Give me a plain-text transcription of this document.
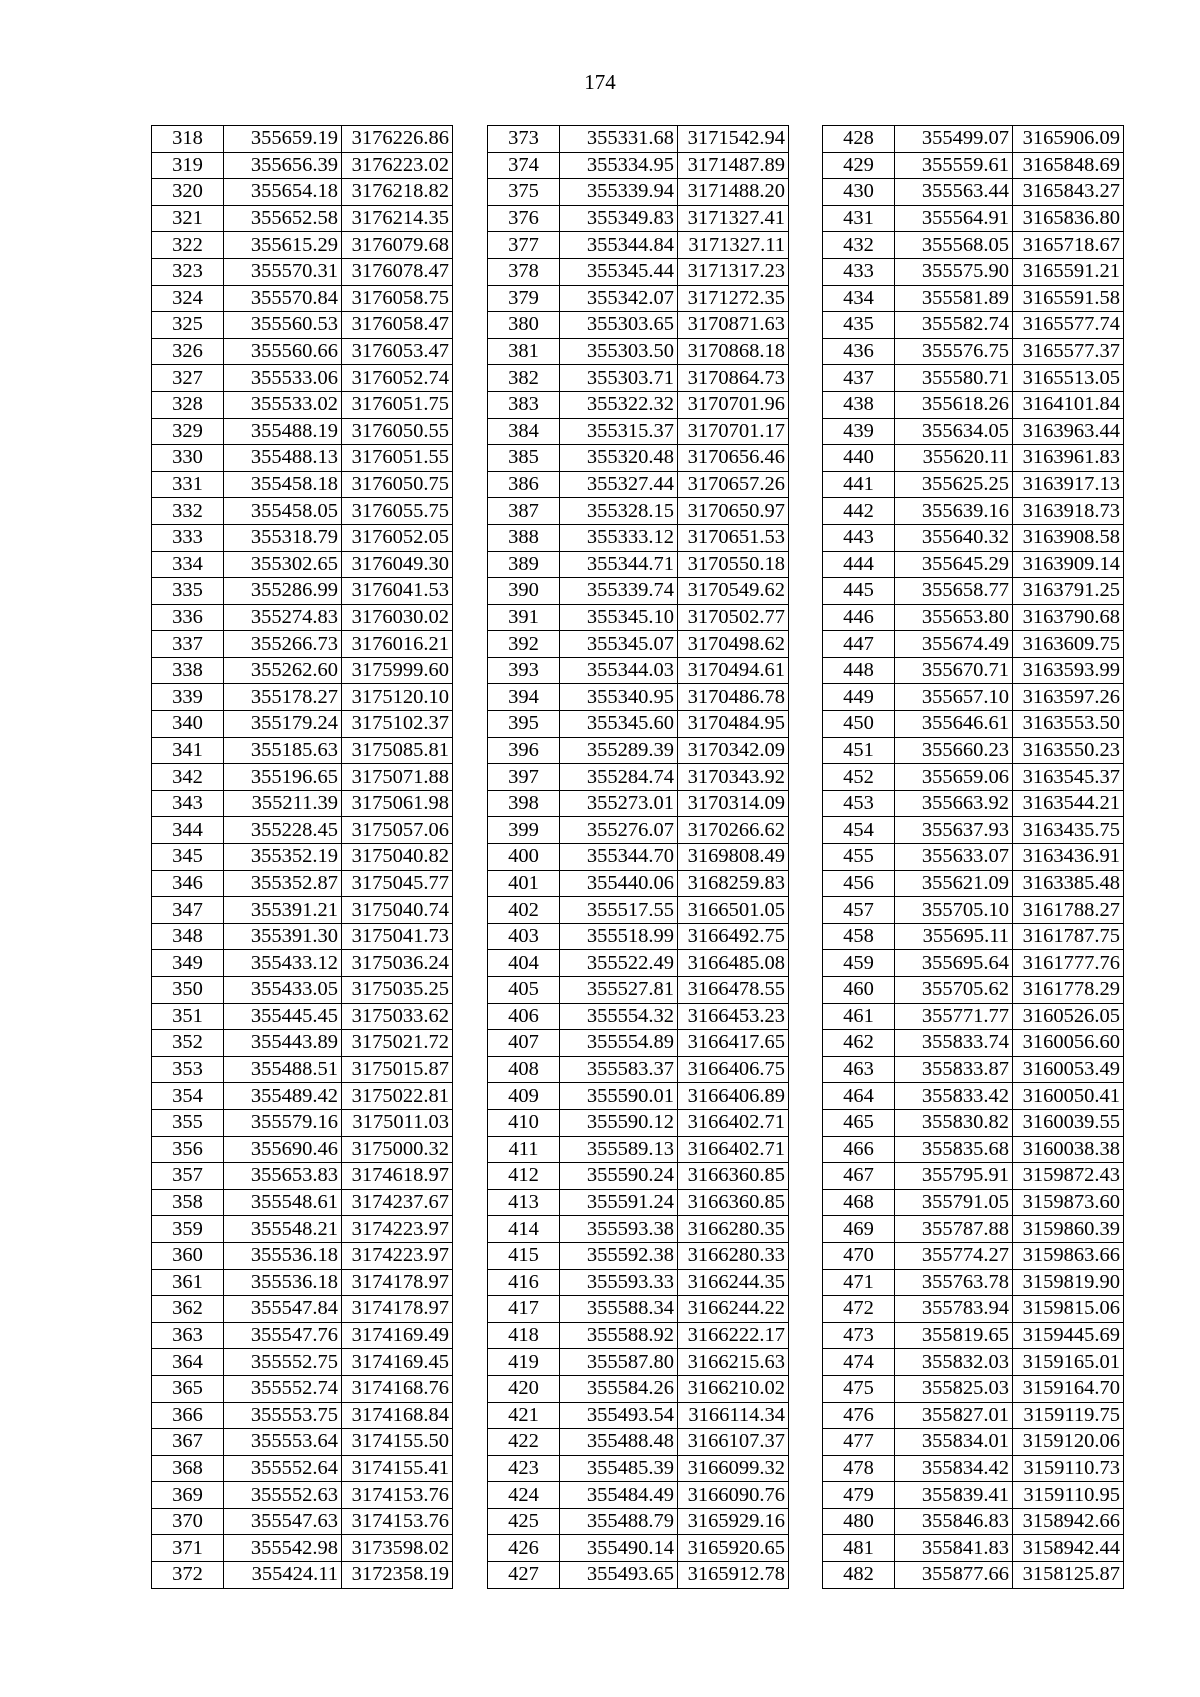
174
318	355659.19	3176226.86
319	355656.39	3176223.02
320	355654.18	3176218.82
321	355652.58	3176214.35
322	355615.29	3176079.68
323	355570.31	3176078.47
324	355570.84	3176058.75
325	355560.53	3176058.47
326	355560.66	3176053.47
327	355533.06	3176052.74
328	355533.02	3176051.75
329	355488.19	3176050.55
330	355488.13	3176051.55
331	355458.18	3176050.75
332	355458.05	3176055.75
333	355318.79	3176052.05
334	355302.65	3176049.30
335	355286.99	3176041.53
336	355274.83	3176030.02
337	355266.73	3176016.21
338	355262.60	3175999.60
339	355178.27	3175120.10
340	355179.24	3175102.37
341	355185.63	3175085.81
342	355196.65	3175071.88
343	355211.39	3175061.98
344	355228.45	3175057.06
345	355352.19	3175040.82
346	355352.87	3175045.77
347	355391.21	3175040.74
348	355391.30	3175041.73
349	355433.12	3175036.24
350	355433.05	3175035.25
351	355445.45	3175033.62
352	355443.89	3175021.72
353	355488.51	3175015.87
354	355489.42	3175022.81
355	355579.16	3175011.03
356	355690.46	3175000.32
357	355653.83	3174618.97
358	355548.61	3174237.67
359	355548.21	3174223.97
360	355536.18	3174223.97
361	355536.18	3174178.97
362	355547.84	3174178.97
363	355547.76	3174169.49
364	355552.75	3174169.45
365	355552.74	3174168.76
366	355553.75	3174168.84
367	355553.64	3174155.50
368	355552.64	3174155.41
369	355552.63	3174153.76
370	355547.63	3174153.76
371	355542.98	3173598.02
372	355424.11	3172358.19
373	355331.68	3171542.94
374	355334.95	3171487.89
375	355339.94	3171488.20
376	355349.83	3171327.41
377	355344.84	3171327.11
378	355345.44	3171317.23
379	355342.07	3171272.35
380	355303.65	3170871.63
381	355303.50	3170868.18
382	355303.71	3170864.73
383	355322.32	3170701.96
384	355315.37	3170701.17
385	355320.48	3170656.46
386	355327.44	3170657.26
387	355328.15	3170650.97
388	355333.12	3170651.53
389	355344.71	3170550.18
390	355339.74	3170549.62
391	355345.10	3170502.77
392	355345.07	3170498.62
393	355344.03	3170494.61
394	355340.95	3170486.78
395	355345.60	3170484.95
396	355289.39	3170342.09
397	355284.74	3170343.92
398	355273.01	3170314.09
399	355276.07	3170266.62
400	355344.70	3169808.49
401	355440.06	3168259.83
402	355517.55	3166501.05
403	355518.99	3166492.75
404	355522.49	3166485.08
405	355527.81	3166478.55
406	355554.32	3166453.23
407	355554.89	3166417.65
408	355583.37	3166406.75
409	355590.01	3166406.89
410	355590.12	3166402.71
411	355589.13	3166402.71
412	355590.24	3166360.85
413	355591.24	3166360.85
414	355593.38	3166280.35
415	355592.38	3166280.33
416	355593.33	3166244.35
417	355588.34	3166244.22
418	355588.92	3166222.17
419	355587.80	3166215.63
420	355584.26	3166210.02
421	355493.54	3166114.34
422	355488.48	3166107.37
423	355485.39	3166099.32
424	355484.49	3166090.76
425	355488.79	3165929.16
426	355490.14	3165920.65
427	355493.65	3165912.78
428	355499.07	3165906.09
429	355559.61	3165848.69
430	355563.44	3165843.27
431	355564.91	3165836.80
432	355568.05	3165718.67
433	355575.90	3165591.21
434	355581.89	3165591.58
435	355582.74	3165577.74
436	355576.75	3165577.37
437	355580.71	3165513.05
438	355618.26	3164101.84
439	355634.05	3163963.44
440	355620.11	3163961.83
441	355625.25	3163917.13
442	355639.16	3163918.73
443	355640.32	3163908.58
444	355645.29	3163909.14
445	355658.77	3163791.25
446	355653.80	3163790.68
447	355674.49	3163609.75
448	355670.71	3163593.99
449	355657.10	3163597.26
450	355646.61	3163553.50
451	355660.23	3163550.23
452	355659.06	3163545.37
453	355663.92	3163544.21
454	355637.93	3163435.75
455	355633.07	3163436.91
456	355621.09	3163385.48
457	355705.10	3161788.27
458	355695.11	3161787.75
459	355695.64	3161777.76
460	355705.62	3161778.29
461	355771.77	3160526.05
462	355833.74	3160056.60
463	355833.87	3160053.49
464	355833.42	3160050.41
465	355830.82	3160039.55
466	355835.68	3160038.38
467	355795.91	3159872.43
468	355791.05	3159873.60
469	355787.88	3159860.39
470	355774.27	3159863.66
471	355763.78	3159819.90
472	355783.94	3159815.06
473	355819.65	3159445.69
474	355832.03	3159165.01
475	355825.03	3159164.70
476	355827.01	3159119.75
477	355834.01	3159120.06
478	355834.42	3159110.73
479	355839.41	3159110.95
480	355846.83	3158942.66
481	355841.83	3158942.44
482	355877.66	3158125.87
